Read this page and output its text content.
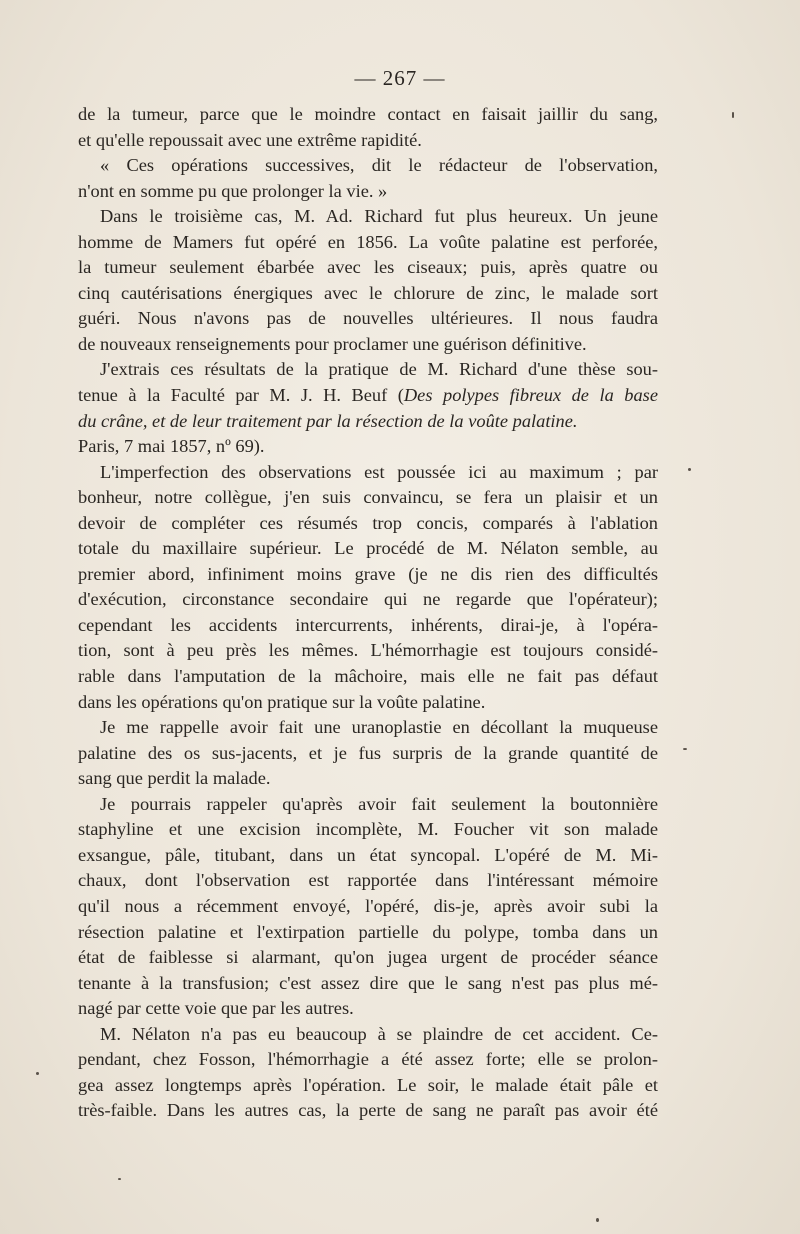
— 267 —
de la tumeur, parce que le moindre contact en faisait jaillir du sang,
et qu'elle repoussait avec une extrême rapidité.
« Ces opérations successives, dit le rédacteur de l'observation,
n'ont en somme pu que prolonger la vie. »
Dans le troisième cas, M. Ad. Richard fut plus heureux. Un jeune
homme de Mamers fut opéré en 1856. La voûte palatine est perforée,
la tumeur seulement ébarbée avec les ciseaux; puis, après quatre ou
cinq cautérisations énergiques avec le chlorure de zinc, le malade sort
guéri. Nous n'avons pas de nouvelles ultérieures. Il nous faudra
de nouveaux renseignements pour proclamer une guérison définitive.
J'extrais ces résultats de la pratique de M. Richard d'une thèse sou-
tenue à la Faculté par M. J. H. Beuf (Des polypes fibreux de la base
du crâne, et de leur traitement par la résection de la voûte palatine.
Paris, 7 mai 1857, nº 69).
L'imperfection des observations est poussée ici au maximum ; par
bonheur, notre collègue, j'en suis convaincu, se fera un plaisir et un
devoir de compléter ces résumés trop concis, comparés à l'ablation
totale du maxillaire supérieur. Le procédé de M. Nélaton semble, au
premier abord, infiniment moins grave (je ne dis rien des difficultés
d'exécution, circonstance secondaire qui ne regarde que l'opérateur);
cependant les accidents intercurrents, inhérents, dirai-je, à l'opéra-
tion, sont à peu près les mêmes. L'hémorrhagie est toujours considé-
rable dans l'amputation de la mâchoire, mais elle ne fait pas défaut
dans les opérations qu'on pratique sur la voûte palatine.
Je me rappelle avoir fait une uranoplastie en décollant la muqueuse
palatine des os sus-jacents, et je fus surpris de la grande quantité de
sang que perdit la malade.
Je pourrais rappeler qu'après avoir fait seulement la boutonnière
staphyline et une excision incomplète, M. Foucher vit son malade
exsangue, pâle, titubant, dans un état syncopal. L'opéré de M. Mi-
chaux, dont l'observation est rapportée dans l'intéressant mémoire
qu'il nous a récemment envoyé, l'opéré, dis-je, après avoir subi la
résection palatine et l'extirpation partielle du polype, tomba dans un
état de faiblesse si alarmant, qu'on jugea urgent de procéder séance
tenante à la transfusion; c'est assez dire que le sang n'est pas plus mé-
nagé par cette voie que par les autres.
M. Nélaton n'a pas eu beaucoup à se plaindre de cet accident. Ce-
pendant, chez Fosson, l'hémorrhagie a été assez forte; elle se prolon-
gea assez longtemps après l'opération. Le soir, le malade était pâle et
très-faible. Dans les autres cas, la perte de sang ne paraît pas avoir été
